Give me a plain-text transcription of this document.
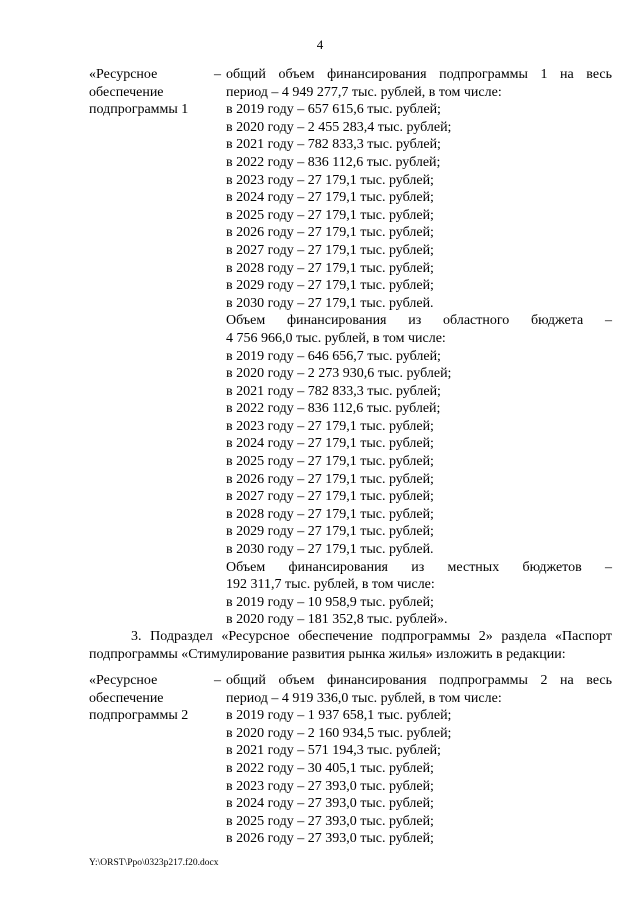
4
«Ресурсное
обеспечение
подпрограммы 1
– общий объем финансирования подпрограммы 1 на весь
период – 4 949 277,7 тыс. рублей, в том числе:
в 2019 году – 657 615,6 тыс. рублей;
в 2020 году – 2 455 283,4 тыс. рублей;
в 2021 году – 782 833,3 тыс. рублей;
в 2022 году – 836 112,6 тыс. рублей;
в 2023 году – 27 179,1 тыс. рублей;
в 2024 году – 27 179,1 тыс. рублей;
в 2025 году – 27 179,1 тыс. рублей;
в 2026 году – 27 179,1 тыс. рублей;
в 2027 году – 27 179,1 тыс. рублей;
в 2028 году – 27 179,1 тыс. рублей;
в 2029 году – 27 179,1 тыс. рублей;
в 2030 году – 27 179,1 тыс. рублей.
Объем финансирования из областного бюджета –
4 756 966,0 тыс. рублей, в том числе:
в 2019 году – 646 656,7 тыс. рублей;
в 2020 году – 2 273 930,6 тыс. рублей;
в 2021 году – 782 833,3 тыс. рублей;
в 2022 году – 836 112,6 тыс. рублей;
в 2023 году – 27 179,1 тыс. рублей;
в 2024 году – 27 179,1 тыс. рублей;
в 2025 году – 27 179,1 тыс. рублей;
в 2026 году – 27 179,1 тыс. рублей;
в 2027 году – 27 179,1 тыс. рублей;
в 2028 году – 27 179,1 тыс. рублей;
в 2029 году – 27 179,1 тыс. рублей;
в 2030 году – 27 179,1 тыс. рублей.
Объем финансирования из местных бюджетов –
192 311,7 тыс. рублей, в том числе:
в 2019 году – 10 958,9 тыс. рублей;
в 2020 году – 181 352,8 тыс. рублей».
3. Подраздел «Ресурсное обеспечение подпрограммы 2» раздела «Паспорт
подпрограммы «Стимулирование развития рынка жилья» изложить в редакции:
«Ресурсное
обеспечение
подпрограммы 2
– общий объем финансирования подпрограммы 2 на весь
период – 4 919 336,0 тыс. рублей, в том числе:
в 2019 году – 1 937 658,1 тыс. рублей;
в 2020 году – 2 160 934,5 тыс. рублей;
в 2021 году – 571 194,3 тыс. рублей;
в 2022 году – 30 405,1 тыс. рублей;
в 2023 году – 27 393,0 тыс. рублей;
в 2024 году – 27 393,0 тыс. рублей;
в 2025 году – 27 393,0 тыс. рублей;
в 2026 году – 27 393,0 тыс. рублей;
Y:\ORST\Ppo\0323p217.f20.docx
